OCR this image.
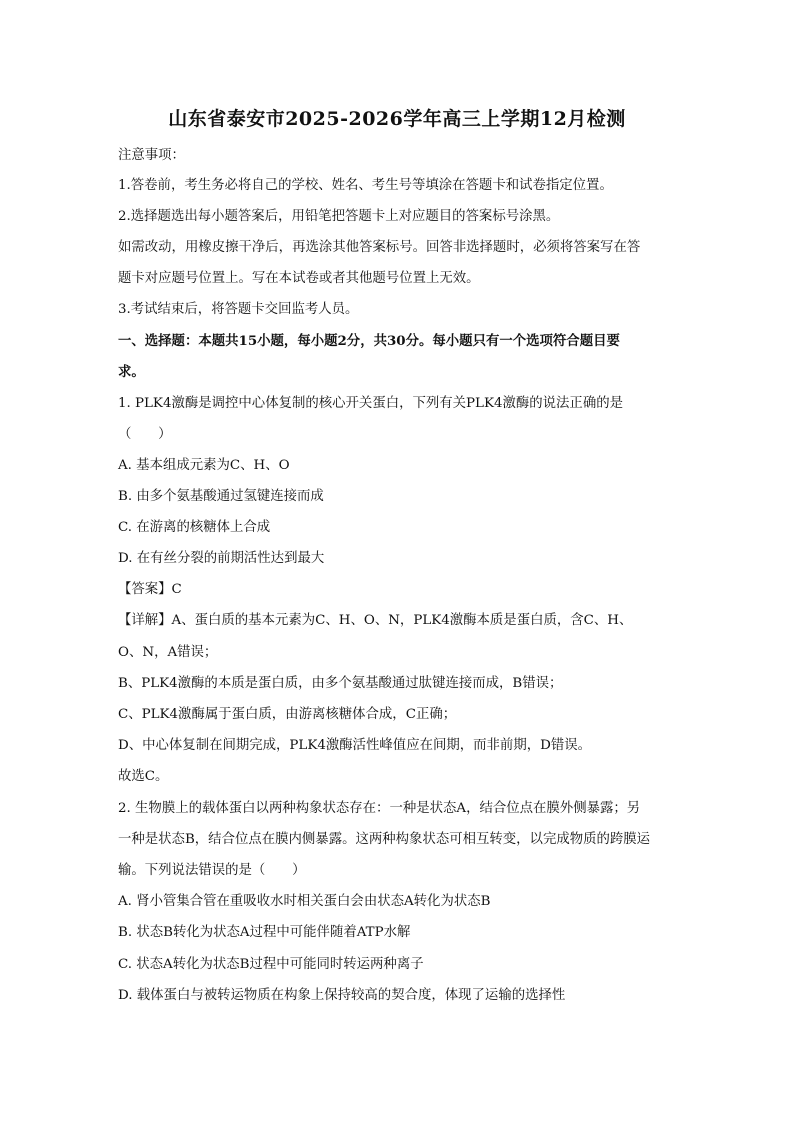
山东省泰安市2025-2026学年高三上学期12月检测
注意事项：
1.答卷前，考生务必将自己的学校、姓名、考生号等填涂在答题卡和试卷指定位置。
2.选择题选出每小题答案后，用铅笔把答题卡上对应题目的答案标号涂黑。
如需改动，用橡皮擦干净后，再选涂其他答案标号。回答非选择题时，必须将答案写在答
题卡对应题号位置上。写在本试卷或者其他题号位置上无效。
3.考试结束后，将答题卡交回监考人员。
一、选择题：本题共15小题，每小题2分，共30分。每小题只有一个选项符合题目要
求。
1. PLK4激酶是调控中心体复制的核心开关蛋白，下列有关PLK4激酶的说法正确的是
（　　）
A. 基本组成元素为C、H、O
B. 由多个氨基酸通过氢键连接而成
C. 在游离的核糖体上合成
D. 在有丝分裂的前期活性达到最大
【答案】C
【详解】A、蛋白质的基本元素为C、H、O、N，PLK4激酶本质是蛋白质，含C、H、
O、N，A错误；
B、PLK4激酶的本质是蛋白质，由多个氨基酸通过肽键连接而成，B错误；
C、PLK4激酶属于蛋白质，由游离核糖体合成，C正确；
D、中心体复制在间期完成，PLK4激酶活性峰值应在间期，而非前期，D错误。
故选C。
2. 生物膜上的载体蛋白以两种构象状态存在：一种是状态A，结合位点在膜外侧暴露；另
一种是状态B，结合位点在膜内侧暴露。这两种构象状态可相互转变，以完成物质的跨膜运
输。下列说法错误的是（　　）
A. 肾小管集合管在重吸收水时相关蛋白会由状态A转化为状态B
B. 状态B转化为状态A过程中可能伴随着ATP水解
C. 状态A转化为状态B过程中可能同时转运两种离子
D. 载体蛋白与被转运物质在构象上保持较高的契合度，体现了运输的选择性
